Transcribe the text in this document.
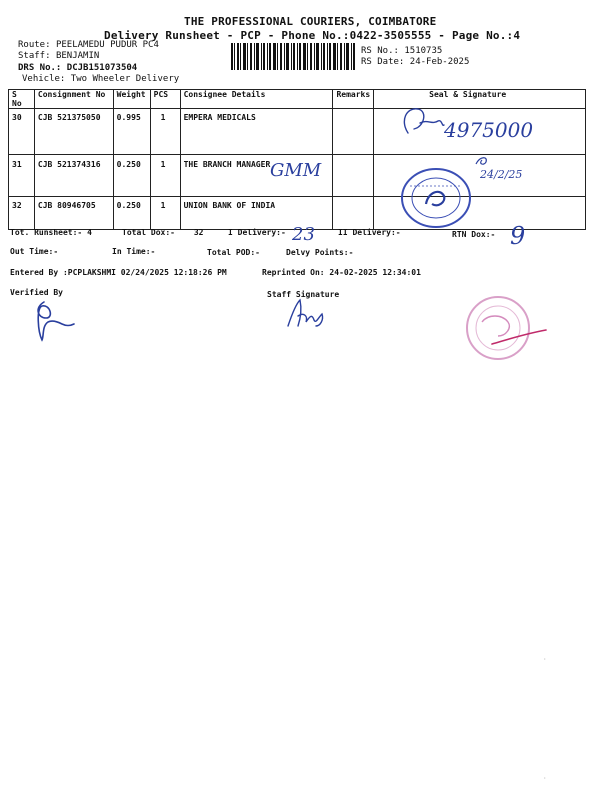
THE PROFESSIONAL COURIERS, COIMBATORE
Delivery Runsheet - PCP - Phone No.:0422-3505555 - Page No.:4
Route: PEELAMEDU PUDUR PC4
Staff: BENJAMIN
DRS No.: DCJB151073504
Vehicle: Two Wheeler Delivery
RS No.: 1510735
RS Date: 24-Feb-2025
S No	Consignment No	Weight	PCS	Consignee Details	Remarks	Seal & Signature
30	CJB 521375050	0.995	1	EMPERA MEDICALS		
31	CJB 521374316	0.250	1	THE BRANCH MANAGER		
32	CJB 80946705	0.250	1	UNION BANK OF INDIA		
Tot. Runsheet:- 4	Total Dox:- 32	I Delivery:-	II Delivery:-	RTN Dox:-
Out Time:-	In Time:-	Total POD:-	Delvy Points:-
Entered By :PCPLAKSHMI 02/24/2025 12:18:26 PM	Reprinted On: 24-02-2025 12:34:01
Verified By	Staff Signature
4975000
GMM	24/2/25
23	9
·
·
